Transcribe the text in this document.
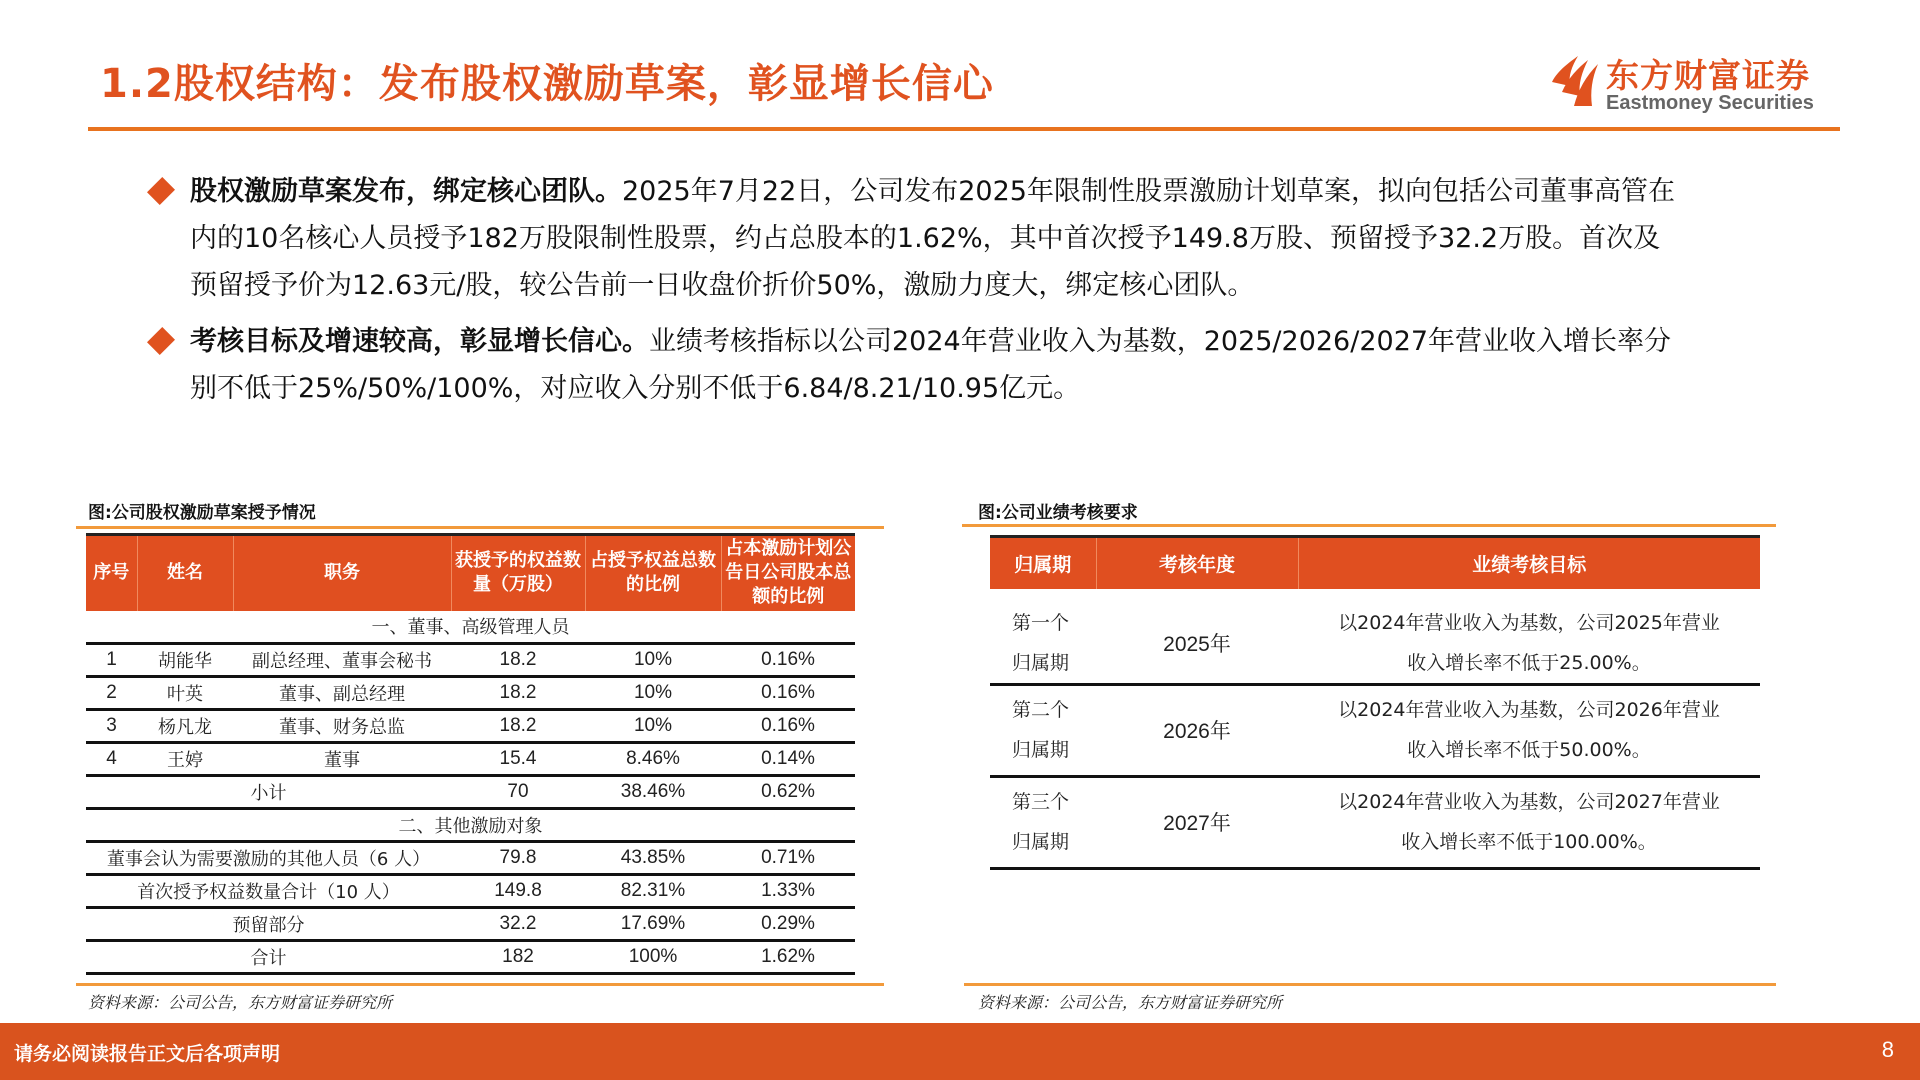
1.2股权结构：发布股权激励草案，彰显增长信心	东方财富证券
Eastmoney Securities
股权激励草案发布，绑定核心团队。2025年7月22日，公司发布2025年限制性股票激励计划草案，拟向包括公司董事高管在内的10名核心人员授予182万股限制性股票，约占总股本的1.62%，其中首次授予149.8万股、预留授予32.2万股。首次及预留授予价为12.63元/股，较公告前一日收盘价折价50%，激励力度大，绑定核心团队。
考核目标及增速较高，彰显增长信心。业绩考核指标以公司2024年营业收入为基数，2025/2026/2027年营业收入增长率分别不低于25%/50%/100%，对应收入分别不低于6.84/8.21/10.95亿元。
图:公司股权激励草案授予情况
序号	姓名	职务	获授予的权益数量（万股）	占授予权益总数的比例	占本激励计划公告日公司股本总额的比例
一、董事、高级管理人员					
1	胡能华	副总经理、董事会秘书	18.2	10%	0.16%
2	叶英	董事、副总经理	18.2	10%	0.16%
3	杨凡龙	董事、财务总监	18.2	10%	0.16%
4	王婷	董事	15.4	8.46%	0.14%
小计			70	38.46%	0.62%
二、其他激励对象					
董事会认为需要激励的其他人员（6 人）			79.8	43.85%	0.71%
首次授予权益数量合计（10 人）			149.8	82.31%	1.33%
预留部分			32.2	17.69%	0.29%
合计			182	100%	1.62%
资料来源：公司公告，东方财富证券研究所
图:公司业绩考核要求
归属期	考核年度	业绩考核目标
第一个
归属期	2025年	以2024年营业收入为基数，公司2025年营业
收入增长率不低于25.00%。
第二个
归属期	2026年	以2024年营业收入为基数，公司2026年营业
收入增长率不低于50.00%。
第三个
归属期	2027年	以2024年营业收入为基数，公司2027年营业
收入增长率不低于100.00%。
资料来源：公司公告，东方财富证券研究所
请务必阅读报告正文后各项声明	8
